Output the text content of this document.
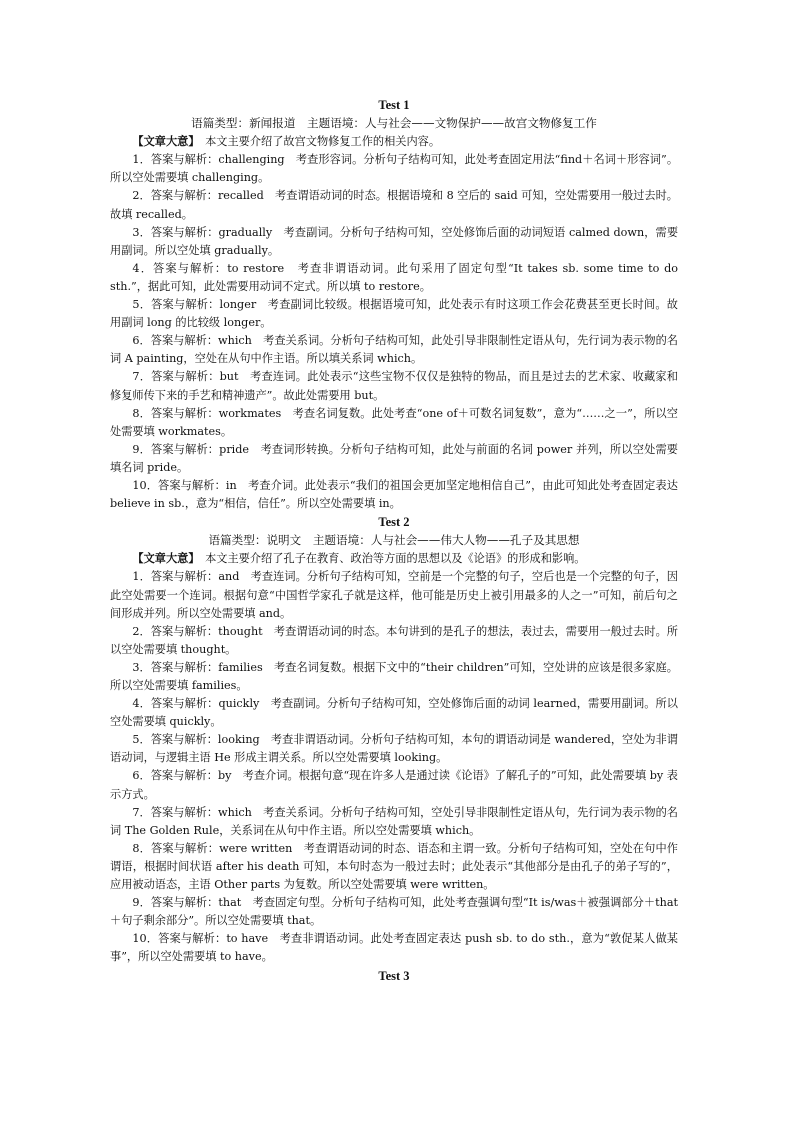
Test 1
语篇类型：新闻报道　主题语境：人与社会——文物保护——故宫文物修复工作
【文章大意】　本文主要介绍了故宫文物修复工作的相关内容。
1．答案与解析：challenging　考查形容词。分析句子结构可知，此处考查固定用法“find＋名词＋形容词”。所以空处需要填 challenging。
2．答案与解析：recalled　考查谓语动词的时态。根据语境和 8 空后的 said 可知，空处需要用一般过去时。故填 recalled。
3．答案与解析：gradually　考查副词。分析句子结构可知，空处修饰后面的动词短语 calmed down，需要用副词。所以空处填 gradually。
4．答案与解析：to restore　考查非谓语动词。此句采用了固定句型“It takes sb. some time to do sth.”，据此可知，此处需要用动词不定式。所以填 to restore。
5．答案与解析：longer　考查副词比较级。根据语境可知，此处表示有时这项工作会花费甚至更长时间。故用副词 long 的比较级 longer。
6．答案与解析：which　考查关系词。分析句子结构可知，此处引导非限制性定语从句，先行词为表示物的名词 A painting，空处在从句中作主语。所以填关系词 which。
7．答案与解析：but　考查连词。此处表示“这些宝物不仅仅是独特的物品，而且是过去的艺术家、收藏家和修复师传下来的手艺和精神遗产”。故此处需要用 but。
8．答案与解析：workmates　考查名词复数。此处考查“one of＋可数名词复数”，意为“……之一”，所以空处需要填 workmates。
9．答案与解析：pride　考查词形转换。分析句子结构可知，此处与前面的名词 power 并列，所以空处需要填名词 pride。
10．答案与解析：in　考查介词。此处表示“我们的祖国会更加坚定地相信自己”，由此可知此处考查固定表达 believe in sb.，意为“相信，信任”。所以空处需要填 in。
Test 2
语篇类型：说明文　主题语境：人与社会——伟大人物——孔子及其思想
【文章大意】　本文主要介绍了孔子在教育、政治等方面的思想以及《论语》的形成和影响。
1．答案与解析：and　考查连词。分析句子结构可知，空前是一个完整的句子，空后也是一个完整的句子，因此空处需要一个连词。根据句意“中国哲学家孔子就是这样，他可能是历史上被引用最多的人之一”可知，前后句之间形成并列。所以空处需要填 and。
2．答案与解析：thought　考查谓语动词的时态。本句讲到的是孔子的想法，表过去，需要用一般过去时。所以空处需要填 thought。
3．答案与解析：families　考查名词复数。根据下文中的“their children”可知，空处讲的应该是很多家庭。所以空处需要填 families。
4．答案与解析：quickly　考查副词。分析句子结构可知，空处修饰后面的动词 learned，需要用副词。所以空处需要填 quickly。
5．答案与解析：looking　考查非谓语动词。分析句子结构可知，本句的谓语动词是 wandered，空处为非谓语动词，与逻辑主语 He 形成主谓关系。所以空处需要填 looking。
6．答案与解析：by　考查介词。根据句意“现在许多人是通过读《论语》了解孔子的”可知，此处需要填 by 表示方式。
7．答案与解析：which　考查关系词。分析句子结构可知，空处引导非限制性定语从句，先行词为表示物的名词 The Golden Rule，关系词在从句中作主语。所以空处需要填 which。
8．答案与解析：were written　考查谓语动词的时态、语态和主谓一致。分析句子结构可知，空处在句中作谓语，根据时间状语 after his death 可知，本句时态为一般过去时；此处表示“其他部分是由孔子的弟子写的”，应用被动语态，主语 Other parts 为复数。所以空处需要填 were written。
9．答案与解析：that　考查固定句型。分析句子结构可知，此处考查强调句型“It is/was＋被强调部分＋that＋句子剩余部分”。所以空处需要填 that。
10．答案与解析：to have　考查非谓语动词。此处考查固定表达 push sb. to do sth.，意为“敦促某人做某事”，所以空处需要填 to have。
Test 3
